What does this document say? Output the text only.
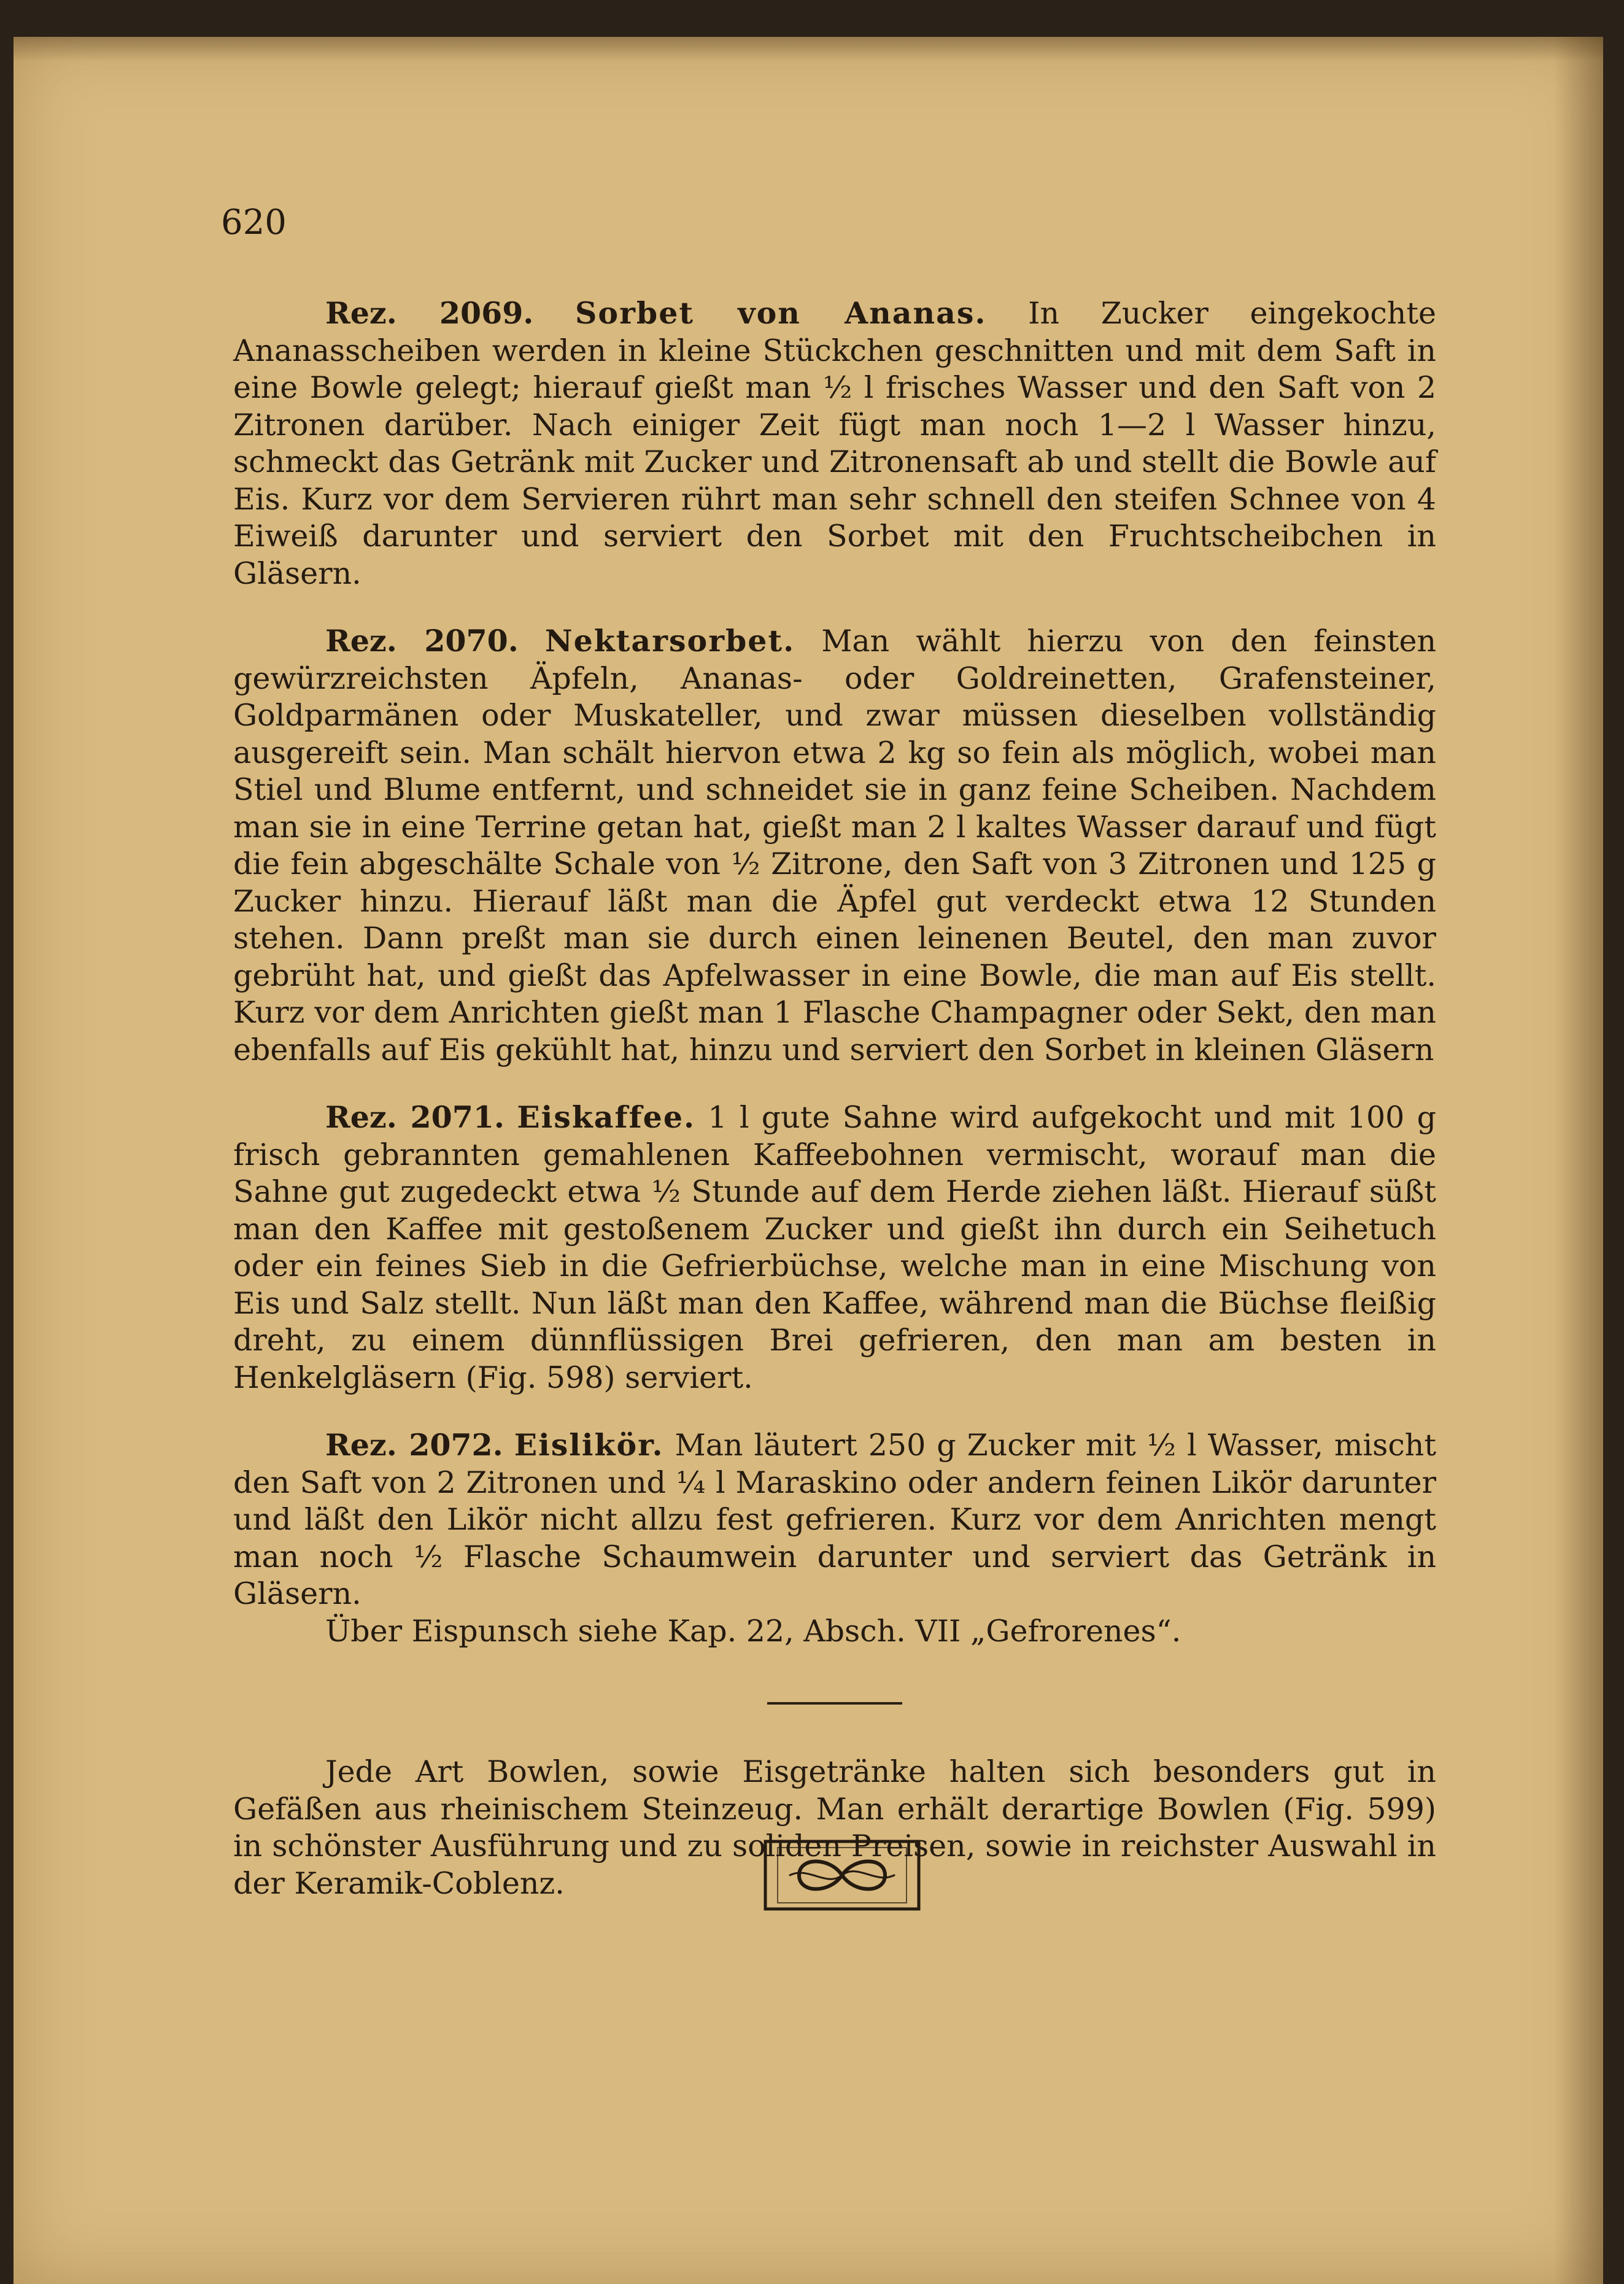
620

Rez. 2069. Sorbet von Ananas. In Zucker eingekochte Ananasscheiben werden in kleine Stückchen geschnitten und mit dem Saft in eine Bowle gelegt; hierauf gießt man ½ l frisches Wasser und den Saft von 2 Zitronen darüber. Nach einiger Zeit fügt man noch 1—2 l Wasser hinzu, schmeckt das Getränk mit Zucker und Zitronensaft ab und stellt die Bowle auf Eis. Kurz vor dem Servieren rührt man sehr schnell den steifen Schnee von 4 Eiweiß darunter und serviert den Sorbet mit den Fruchtscheibchen in Gläsern.

Rez. 2070. Nektarsorbet. Man wählt hierzu von den feinsten gewürzreichsten Äpfeln, Ananas- oder Goldreinetten, Grafensteiner, Goldparmänen oder Muskateller, und zwar müssen dieselben vollständig ausgereift sein. Man schält hiervon etwa 2 kg so fein als möglich, wobei man Stiel und Blume entfernt, und schneidet sie in ganz feine Scheiben. Nachdem man sie in eine Terrine getan hat, gießt man 2 l kaltes Wasser darauf und fügt die fein abgeschälte Schale von ½ Zitrone, den Saft von 3 Zitronen und 125 g Zucker hinzu. Hierauf läßt man die Äpfel gut verdeckt etwa 12 Stunden stehen. Dann preßt man sie durch einen leinenen Beutel, den man zuvor gebrüht hat, und gießt das Apfelwasser in eine Bowle, die man auf Eis stellt. Kurz vor dem Anrichten gießt man 1 Flasche Champagner oder Sekt, den man ebenfalls auf Eis gekühlt hat, hinzu und serviert den Sorbet in kleinen Gläsern

Rez. 2071. Eiskaffee. 1 l gute Sahne wird aufgekocht und mit 100 g frisch gebrannten gemahlenen Kaffeebohnen vermischt, worauf man die Sahne gut zugedeckt etwa ½ Stunde auf dem Herde ziehen läßt. Hierauf süßt man den Kaffee mit gestoßenem Zucker und gießt ihn durch ein Seihetuch oder ein feines Sieb in die Gefrierbüchse, welche man in eine Mischung von Eis und Salz stellt. Nun läßt man den Kaffee, während man die Büchse fleißig dreht, zu einem dünnflüssigen Brei gefrieren, den man am besten in Henkelgläsern (Fig. 598) serviert.

Rez. 2072. Eislikör. Man läutert 250 g Zucker mit ½ l Wasser, mischt den Saft von 2 Zitronen und ¼ l Maraskino oder andern feinen Likör darunter und läßt den Likör nicht allzu fest gefrieren. Kurz vor dem Anrichten mengt man noch ½ Flasche Schaumwein darunter und serviert das Getränk in Gläsern.

Über Eispunsch siehe Kap. 22, Absch. VII „Gefrorenes“.

Jede Art Bowlen, sowie Eisgetränke halten sich besonders gut in Gefäßen aus rheinischem Steinzeug. Man erhält derartige Bowlen (Fig. 599) in schönster Ausführung und zu soliden Preisen, sowie in reichster Auswahl in der Keramik-Coblenz.
